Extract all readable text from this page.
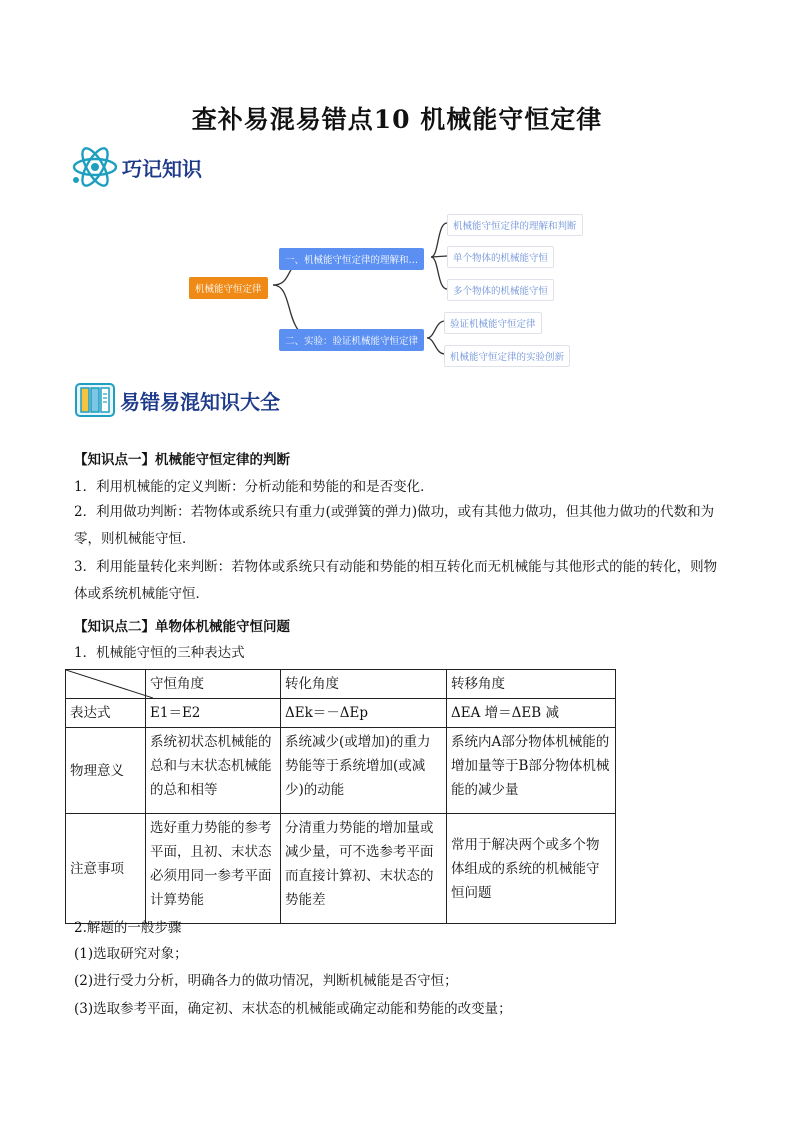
查补易混易错点10 机械能守恒定律
巧记知识
机械能守恒定律
一、机械能守恒定律的理解和…
二、实验：验证机械能守恒定律
机械能守恒定律的理解和判断
单个物体的机械能守恒
多个物体的机械能守恒
验证机械能守恒定律
机械能守恒定律的实验创新
易错易混知识大全
【知识点一】机械能守恒定律的判断
1．利用机械能的定义判断：分析动能和势能的和是否变化．
2．利用做功判断：若物体或系统只有重力(或弹簧的弹力)做功，或有其他力做功，但其他力做功的代数和为零，则机械能守恒．
3．利用能量转化来判断：若物体或系统只有动能和势能的相互转化而无机械能与其他形式的能的转化，则物体或系统机械能守恒．
【知识点二】单物体机械能守恒问题
1．机械能守恒的三种表达式
	守恒角度	转化角度	转移角度
表达式	E1＝E2	ΔEk＝－ΔEp	ΔEA 增＝ΔEB 减
物理意义	系统初状态机械能的总和与末状态机械能的总和相等	系统减少(或增加)的重力势能等于系统增加(或减少)的动能	系统内A部分物体机械能的增加量等于B部分物体机械能的减少量
注意事项	选好重力势能的参考平面，且初、末状态必须用同一参考平面计算势能	分清重力势能的增加量或减少量，可不选参考平面而直接计算初、末状态的势能差	常用于解决两个或多个物体组成的系统的机械能守恒问题
2.解题的一般步骤
(1)选取研究对象；
(2)进行受力分析，明确各力的做功情况，判断机械能是否守恒；
(3)选取参考平面，确定初、末状态的机械能或确定动能和势能的改变量；
